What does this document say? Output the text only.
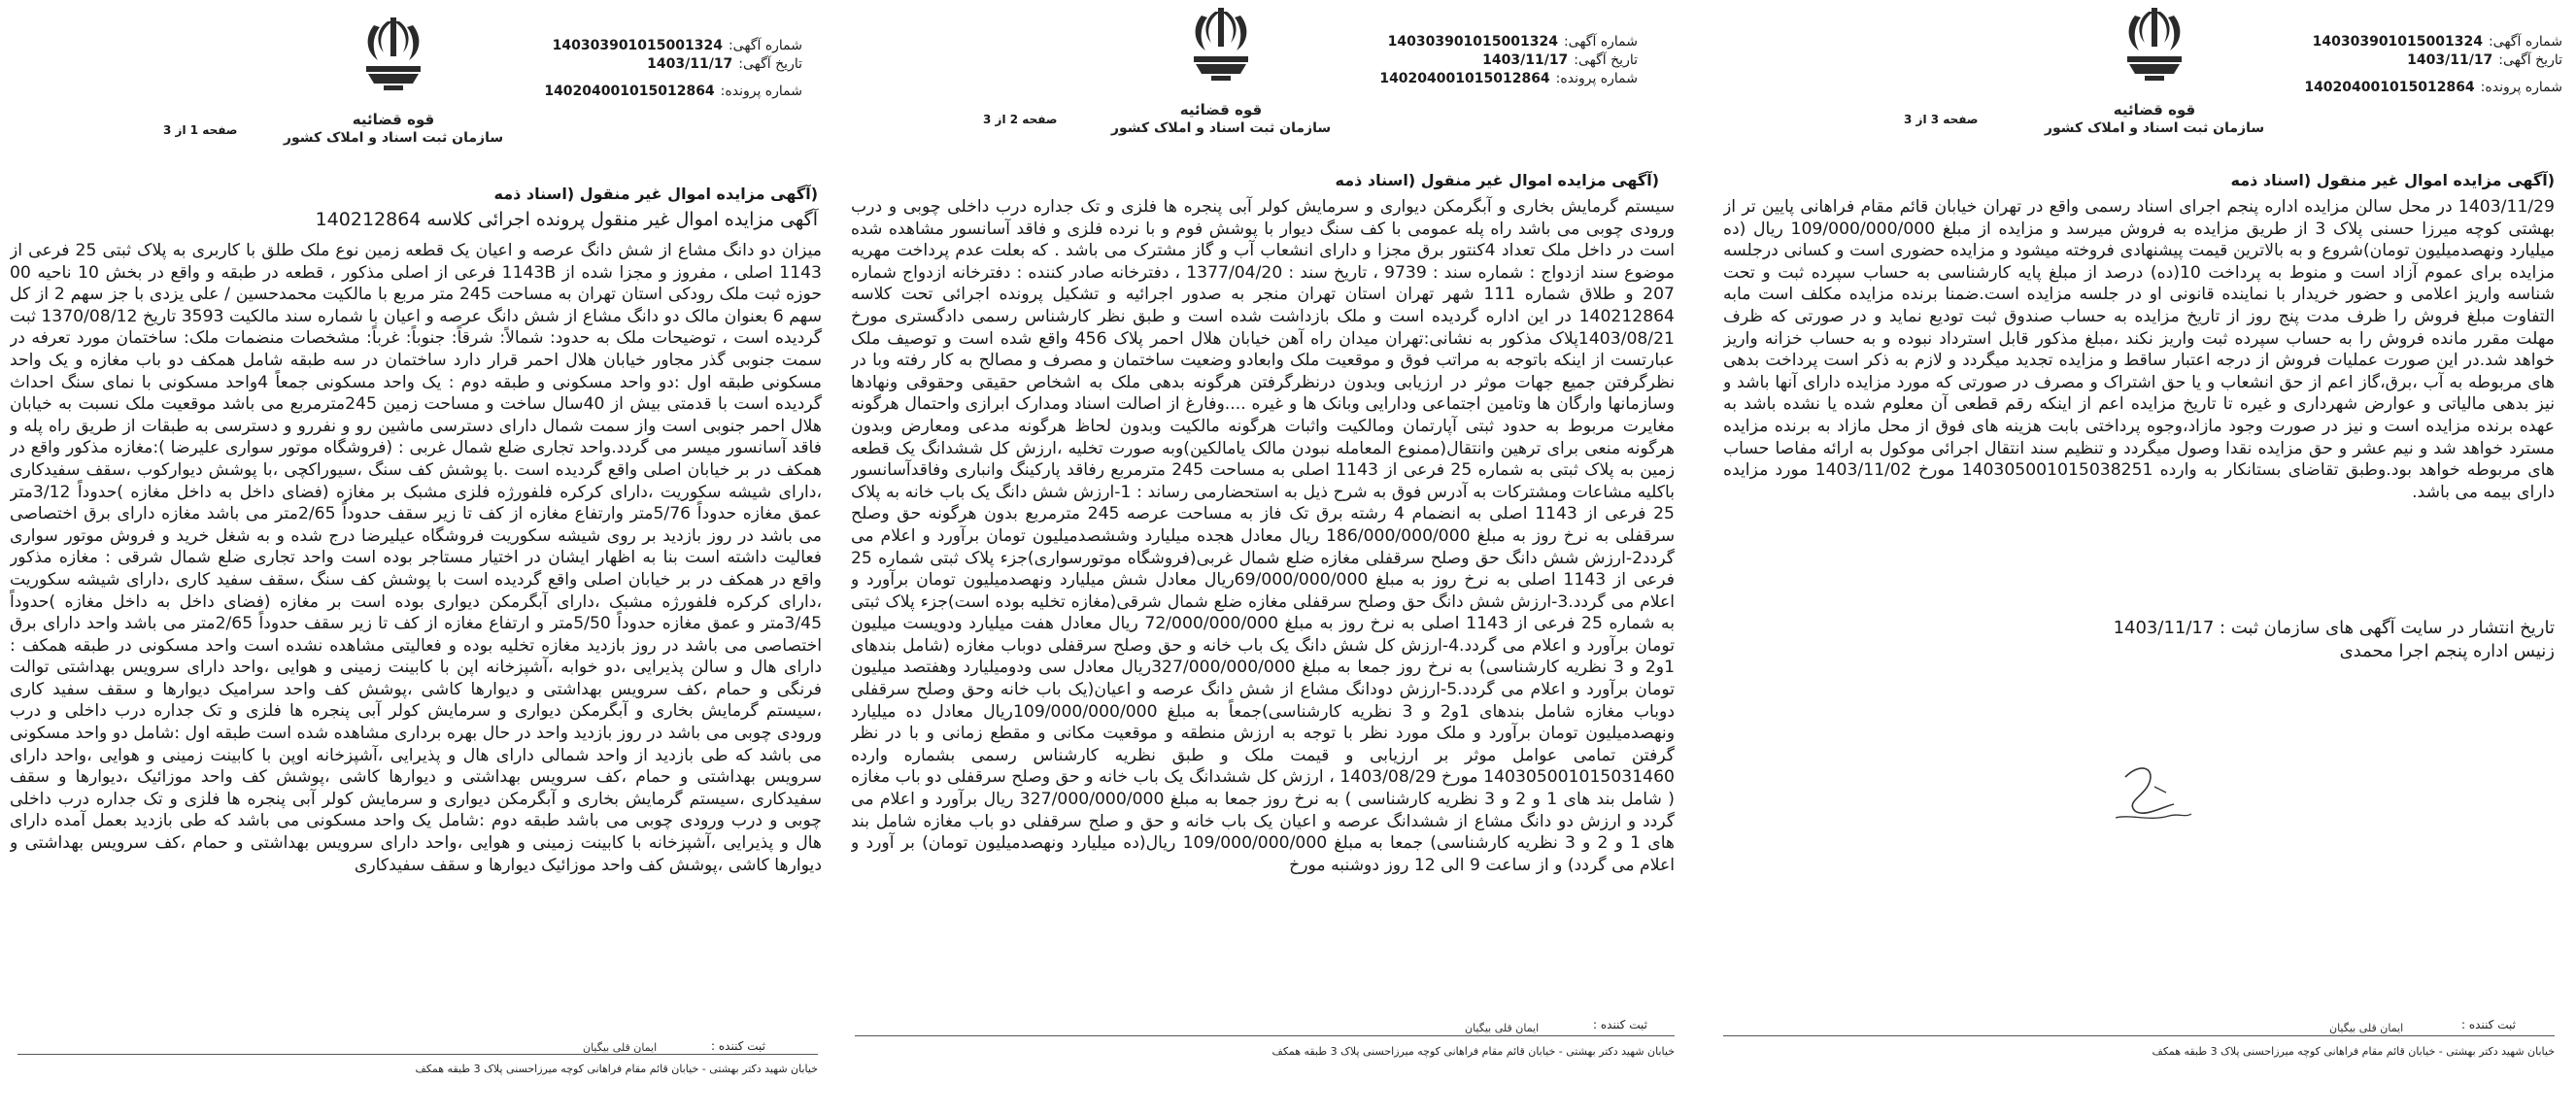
قوه قضائیه
سازمان ثبت اسناد و املاک کشور
شماره آگهی:140303901015001324
تاریخ آگهی:1403/11/17
شماره پرونده:140204001015012864
صفحه 1 از 3
(آگهی مزایده اموال غیر منقول (اسناد ذمه
آگهی مزایده اموال غیر منقول پرونده اجرائی کلاسه 140212864

میزان دو دانگ مشاع از شش دانگ عرصه و اعیان یک قطعه زمین نوع ملک طلق با کاربری به پلاک ثبتی 25 فرعی از 1143 اصلی ، مفروز و مجزا شده از 1143B فرعی از اصلی مذکور ، قطعه در طبقه و واقع در بخش 10 ناحیه 00 حوزه ثبت ملک رودکی استان تهران به مساحت 245 متر مربع با مالکیت محمدحسین / علی یزدی با جز سهم 2 از کل سهم 6 بعنوان مالک دو دانگ مشاع از شش دانگ عرصه و اعیان با شماره سند مالکیت 3593 تاریخ 1370/08/12 ثبت گردیده است ، توضیحات ملک به حدود: شمالاً: شرقاً: جنوباً: غرباً: مشخصات منضمات ملک: ساختمان مورد تعرفه در سمت جنوبی گذر مجاور خیابان هلال احمر قرار دارد ساختمان در سه طبقه شامل همکف دو باب مغازه و یک واحد مسکونی طبقه اول :دو واحد مسکونی و طبقه دوم : یک واحد مسکونی جمعاً 4واحد مسکونی با نمای سنگ احداث گردیده است با قدمتی بیش از 40سال ساخت و مساحت زمین 245مترمربع می باشد موقعیت ملک نسبت به خیابان هلال احمر جنوبی است واز سمت شمال دارای دسترسی ماشین رو و نفررو و دسترسی به طبقات از طریق راه پله و فاقد آسانسور میسر می گردد.واحد تجاری ضلع شمال غربی : (فروشگاه موتور سواری علیرضا ):مغازه مذکور واقع در همکف در بر خیابان اصلی واقع گردیده است .با پوشش کف سنگ ،سیوراکچی ،با پوشش دیوارکوب ،سقف سفیدکاری ،دارای شیشه سکوریت ،دارای کرکره فلفورژه فلزی مشبک بر مغازه (فضای داخل به داخل مغازه )حدوداً 3/12متر عمق مغازه حدوداً 5/76متر وارتفاع مغازه از کف تا زیر سقف حدوداً 2/65متر می باشد مغازه دارای برق اختصاصی می باشد در روز بازدید بر روی شیشه سکوریت فروشگاه عیلیرضا درج شده و به شغل خرید و فروش موتور سواری فعالیت داشته است بنا به اظهار ایشان در اختیار مستاجر بوده است واحد تجاری ضلع شمال شرقی : مغازه مذکور واقع در همکف در بر خیابان اصلی واقع گردیده است با پوشش کف سنگ ،سقف سفید کاری ،دارای شیشه سکوریت ،دارای کرکره فلفورژه مشبک ،دارای آبگرمکن دیواری بوده است بر مغازه (فضای داخل به داخل مغازه )حدوداً 3/45متر و عمق مغازه حدوداً 5/50متر و ارتفاع مغازه از کف تا زیر سقف حدوداً 2/65متر می باشد واحد دارای برق اختصاصی می باشد در روز بازدید مغازه تخلیه بوده و فعالیتی مشاهده نشده است واحد مسکونی در طبقه همکف : دارای هال و سالن پذیرایی ،دو خوابه ،آشپزخانه اپن با کابینت زمینی و هوایی ،واحد دارای سرویس بهداشتی توالت فرنگی و حمام ،کف سرویس بهداشتی و دیوارها کاشی ،پوشش کف واحد سرامیک دیوارها و سقف سفید کاری ،سیستم گرمایش بخاری و آبگرمکن دیواری و سرمایش کولر آبی پنجره ها فلزی و تک جداره درب داخلی و درب ورودی چوبی می باشد در روز بازدید واحد در حال بهره برداری مشاهده شده است طبقه اول :شامل دو واحد مسکونی می باشد که طی بازدید از واحد شمالی دارای هال و پذیرایی ،آشپزخانه اوپن با کابینت زمینی و هوایی ،واحد دارای سرویس بهداشتی و حمام ،کف سرویس بهداشتی و دیوارها کاشی ،پوشش کف واحد موزائیک ،دیوارها و سقف سفیدکاری ،سیستم گرمایش بخاری و آبگرمکن دیواری و سرمایش کولر آبی پنجره ها فلزی و تک جداره درب داخلی چوبی و درب ورودی چوبی می باشد طبقه دوم :شامل یک واحد مسکونی می باشد که طی بازدید بعمل آمده دارای هال و پذیرایی ،آشپزخانه با کابینت زمینی و هوایی ،واحد دارای سرویس بهداشتی و حمام ،کف سرویس بهداشتی و دیوارها کاشی ،پوشش کف واحد موزائیک دیوارها و سقف سفیدکاری

ثبت کننده :
ایمان قلی بیگیان
خیابان شهید دکتر بهشتی - خیابان قائم مقام فراهانی کوچه میرزاحسنی پلاک 3 طبقه همکف
قوه قضائیه
سازمان ثبت اسناد و املاک کشور
شماره آگهی:140303901015001324
تاریخ آگهی:1403/11/17
شماره پرونده:140204001015012864
صفحه 2 از 3
(آگهی مزایده اموال غیر منقول (اسناد ذمه

سیستم گرمایش بخاری و آبگرمکن دیواری و سرمایش کولر آبی پنجره ها فلزی و تک جداره درب داخلی چوبی و درب ورودی چوبی می باشد راه پله عمومی با کف سنگ دیوار با پوشش فوم و با نرده فلزی و فاقد آسانسور مشاهده شده است در داخل ملک تعداد 4کنتور برق مجزا و دارای انشعاب آب و گاز مشترک می باشد . که بعلت عدم پرداخت مهریه موضوع سند ازدواج : شماره سند : 9739 ، تاریخ سند : 1377/04/20 ، دفترخانه صادر کننده : دفترخانه ازدواج شماره 207 و طلاق شماره 111 شهر تهران استان تهران منجر به صدور اجرائیه و تشکیل پرونده اجرائی تحت کلاسه 140212864 در این اداره گردیده است و ملک بازداشت شده است و طبق نظر کارشناس رسمی دادگستری مورخ 1403/08/21پلاک مذکور به نشانی:تهران میدان راه آهن خیابان هلال احمر پلاک 456 واقع شده است و توصیف ملک عبارتست از اینکه باتوجه به مراتب فوق و موقعیت ملک وابعادو وضعیت ساختمان و مصرف و مصالح به کار رفته وبا در نظرگرفتن جمیع جهات موثر در ارزیابی وبدون درنظرگرفتن هرگونه بدهی ملک به اشخاص حقیقی وحقوقی ونهادها وسازمانها وارگان ها وتامین اجتماعی ودارایی وبانک ها و غیره ....وفارغ از اصالت اسناد ومدارک ابرازی واحتمال هرگونه مغایرت مربوط به حدود ثبتی آپارتمان ومالکیت واثبات هرگونه مالکیت وبدون لحاظ هرگونه مدعی ومعارض وبدون هرگونه منعی برای ترهین وانتقال(ممنوع المعامله نبودن مالک یامالکین)وبه صورت تخلیه ،ارزش کل ششدانگ یک قطعه زمین به پلاک ثبتی به شماره 25 فرعی از 1143 اصلی به مساحت 245 مترمربع رفاقد پارکینگ وانباری وفاقدآسانسور باکلیه مشاعات ومشترکات به آدرس فوق به شرح ذیل به استحضارمی رساند : 1-ارزش شش دانگ یک باب خانه به پلاک 25 فرعی از 1143 اصلی به انضمام 4 رشته برق تک فاز به مساحت عرصه 245 مترمربع بدون هرگونه حق وصلح سرقفلی به نرخ روز به مبلغ 186/000/000/000 ریال معادل هجده میلیارد وششصدمیلیون تومان برآورد و اعلام می گردد2-ارزش شش دانگ حق وصلح سرقفلی مغازه ضلع شمال غربی(فروشگاه موتورسواری)جزء پلاک ثبتی شماره 25 فرعی از 1143 اصلی به نرخ روز به مبلغ 69/000/000/000ریال معادل شش میلیارد ونهصدمیلیون تومان برآورد و اعلام می گردد.3-ارزش شش دانگ حق وصلح سرقفلی مغازه ضلع شمال شرقی(مغازه تخلیه بوده است)جزء پلاک ثبتی به شماره 25 فرعی از 1143 اصلی به نرخ روز به مبلغ 72/000/000/000 ریال معادل هفت میلیارد ودویست میلیون تومان برآورد و اعلام می گردد.4-ارزش کل شش دانگ یک باب خانه و حق وصلح سرقفلی دوباب مغازه (شامل بندهای 1و2 و 3 نظریه کارشناسی) به نرخ روز جمعا به مبلغ 327/000/000/000ریال معادل سی ودومیلیارد وهفتصد میلیون تومان برآورد و اعلام می گردد.5-ارزش دودانگ مشاع از شش دانگ عرصه و اعیان(یک باب خانه وحق وصلح سرقفلی دوباب مغازه شامل بندهای 1و2 و 3 نظریه کارشناسی)جمعاً به مبلغ 109/000/000/000ریال معادل ده میلیارد ونهصدمیلیون تومان برآورد و ملک مورد نظر با توجه به ارزش منطقه و موقعیت مکانی و مقطع زمانی و با در نظر گرفتن تمامی عوامل موثر بر ارزیابی و قیمت ملک و طبق نظریه کارشناس رسمی بشماره وارده 140305001015031460 مورخ 1403/08/29 ، ارزش کل ششدانگ یک باب خانه و حق وصلح سرقفلی دو باب مغازه ( شامل بند های 1 و 2 و 3 نظریه کارشناسی ) به نرخ روز جمعا به مبلغ 327/000/000/000 ریال برآورد و اعلام می گردد و ارزش دو دانگ مشاع از ششدانگ عرصه و اعیان یک باب خانه و حق و صلح سرقفلی دو باب مغازه شامل بند های 1 و 2 و 3 نظریه کارشناسی) جمعا به مبلغ 109/000/000/000 ریال(ده میلیارد ونهصدمیلیون تومان) بر آورد و اعلام می گردد) و از ساعت 9 الی 12 روز دوشنبه مورخ

ثبت کننده :
ایمان قلی بیگیان
خیابان شهید دکتر بهشتی - خیابان قائم مقام فراهانی کوچه میرزاحسنی پلاک 3 طبقه همکف
قوه قضائیه
سازمان ثبت اسناد و املاک کشور
شماره آگهی:140303901015001324
تاریخ آگهی:1403/11/17
شماره پرونده:140204001015012864
صفحه 3 از 3
(آگهی مزایده اموال غیر منقول (اسناد ذمه

1403/11/29 در محل سالن مزایده اداره پنجم اجرای اسناد رسمی واقع در تهران خیابان قائم مقام فراهانی پایین تر از بهشتی کوچه میرزا حسنی پلاک 3 از طریق مزایده به فروش میرسد و مزایده از مبلغ 109/000/000/000 ریال (ده میلیارد ونهصدمیلیون تومان)شروع و به بالاترین قیمت پیشنهادی فروخته میشود و مزایده حضوری است و کسانی درجلسه مزایده برای عموم آزاد است و منوط به پرداخت 10(ده) درصد از مبلغ پایه کارشناسی به حساب سپرده ثبت و تحت شناسه واریز اعلامی و حضور خریدار با نماینده قانونی او در جلسه مزایده است.ضمنا برنده مزایده مکلف است مابه التفاوت مبلغ فروش را ظرف مدت پنج روز از تاریخ مزایده به حساب صندوق ثبت تودیع نماید و در صورتی که ظرف مهلت مقرر مانده فروش را به حساب سپرده ثبت واریز نکند ،مبلغ مذکور قابل استرداد نبوده و به حساب خزانه واریز خواهد شد.در این صورت عملیات فروش از درجه اعتبار ساقط و مزایده تجدید میگردد و لازم به ذکر است پرداخت بدهی های مربوطه به آب ،برق،گاز اعم از حق انشعاب و یا حق اشتراک و مصرف در صورتی که مورد مزایده دارای آنها باشد و نیز بدهی مالیاتی و عوارض شهرداری و غیره تا تاریخ مزایده اعم از اینکه رقم قطعی آن معلوم شده یا نشده باشد به عهده برنده مزایده است و نیز در صورت وجود مازاد،وجوه پرداختی بابت هزینه های فوق از محل مازاد به برنده مزایده مسترد خواهد شد و نیم عشر و حق مزایده نقدا وصول میگردد و تنظیم سند انتقال اجرائی موکول به ارائه مفاصا حساب های مربوطه خواهد بود.وطبق تقاضای بستانکار به وارده 140305001015038251 مورخ 1403/11/02 مورد مزایده دارای بیمه می باشد.

تاریخ انتشار در سایت آگهی های سازمان ثبت : 1403/11/17
زنیس اداره پنجم اجرا محمدی
ثبت کننده :
ایمان قلی بیگیان
خیابان شهید دکتر بهشتی - خیابان قائم مقام فراهانی کوچه میرزاحسنی پلاک 3 طبقه همکف
